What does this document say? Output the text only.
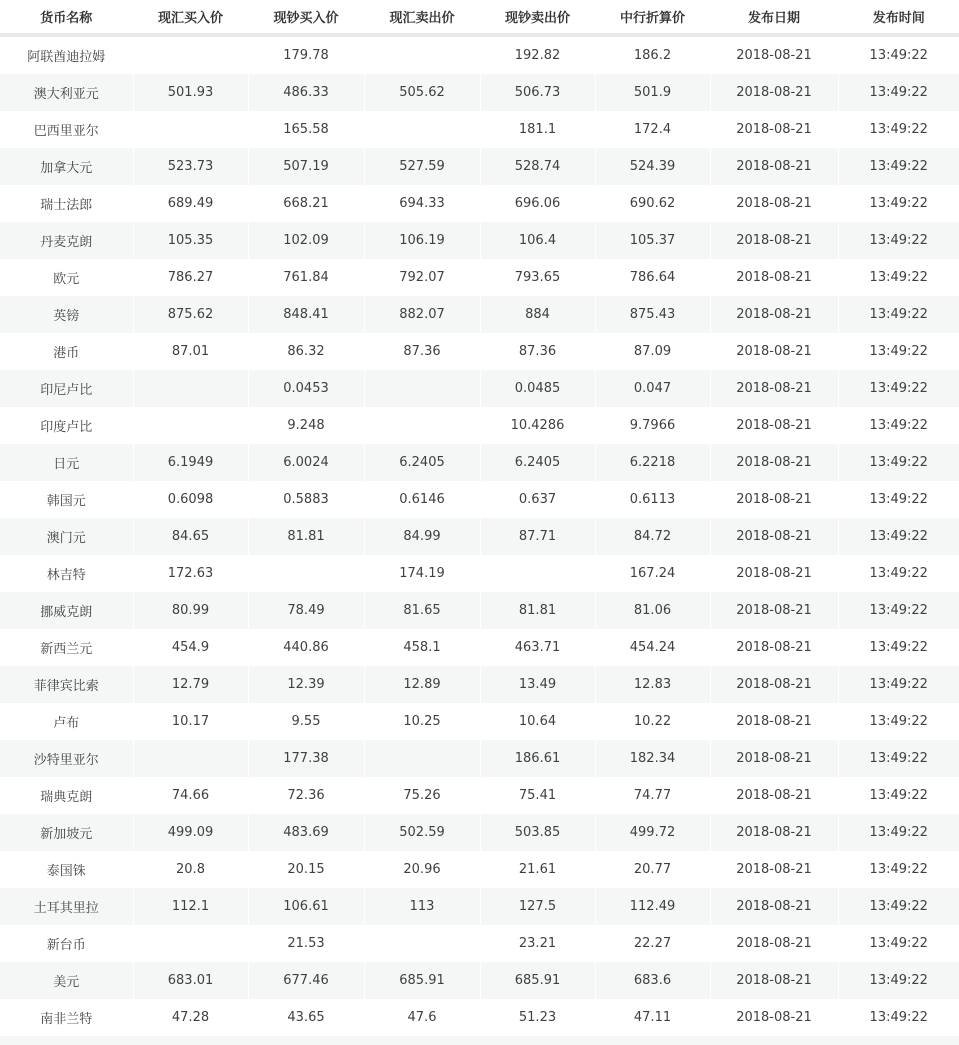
货币名称	现汇买入价	现钞买入价	现汇卖出价	现钞卖出价	中行折算价	发布日期	发布时间
阿联酋迪拉姆		179.78		192.82	186.2	2018-08-21	13:49:22
澳大利亚元	501.93	486.33	505.62	506.73	501.9	2018-08-21	13:49:22
巴西里亚尔		165.58		181.1	172.4	2018-08-21	13:49:22
加拿大元	523.73	507.19	527.59	528.74	524.39	2018-08-21	13:49:22
瑞士法郎	689.49	668.21	694.33	696.06	690.62	2018-08-21	13:49:22
丹麦克朗	105.35	102.09	106.19	106.4	105.37	2018-08-21	13:49:22
欧元	786.27	761.84	792.07	793.65	786.64	2018-08-21	13:49:22
英镑	875.62	848.41	882.07	884	875.43	2018-08-21	13:49:22
港币	87.01	86.32	87.36	87.36	87.09	2018-08-21	13:49:22
印尼卢比		0.0453		0.0485	0.047	2018-08-21	13:49:22
印度卢比		9.248		10.4286	9.7966	2018-08-21	13:49:22
日元	6.1949	6.0024	6.2405	6.2405	6.2218	2018-08-21	13:49:22
韩国元	0.6098	0.5883	0.6146	0.637	0.6113	2018-08-21	13:49:22
澳门元	84.65	81.81	84.99	87.71	84.72	2018-08-21	13:49:22
林吉特	172.63		174.19		167.24	2018-08-21	13:49:22
挪威克朗	80.99	78.49	81.65	81.81	81.06	2018-08-21	13:49:22
新西兰元	454.9	440.86	458.1	463.71	454.24	2018-08-21	13:49:22
菲律宾比索	12.79	12.39	12.89	13.49	12.83	2018-08-21	13:49:22
卢布	10.17	9.55	10.25	10.64	10.22	2018-08-21	13:49:22
沙特里亚尔		177.38		186.61	182.34	2018-08-21	13:49:22
瑞典克朗	74.66	72.36	75.26	75.41	74.77	2018-08-21	13:49:22
新加坡元	499.09	483.69	502.59	503.85	499.72	2018-08-21	13:49:22
泰国铢	20.8	20.15	20.96	21.61	20.77	2018-08-21	13:49:22
土耳其里拉	112.1	106.61	113	127.5	112.49	2018-08-21	13:49:22
新台币		21.53		23.21	22.27	2018-08-21	13:49:22
美元	683.01	677.46	685.91	685.91	683.6	2018-08-21	13:49:22
南非兰特	47.28	43.65	47.6	51.23	47.11	2018-08-21	13:49:22
